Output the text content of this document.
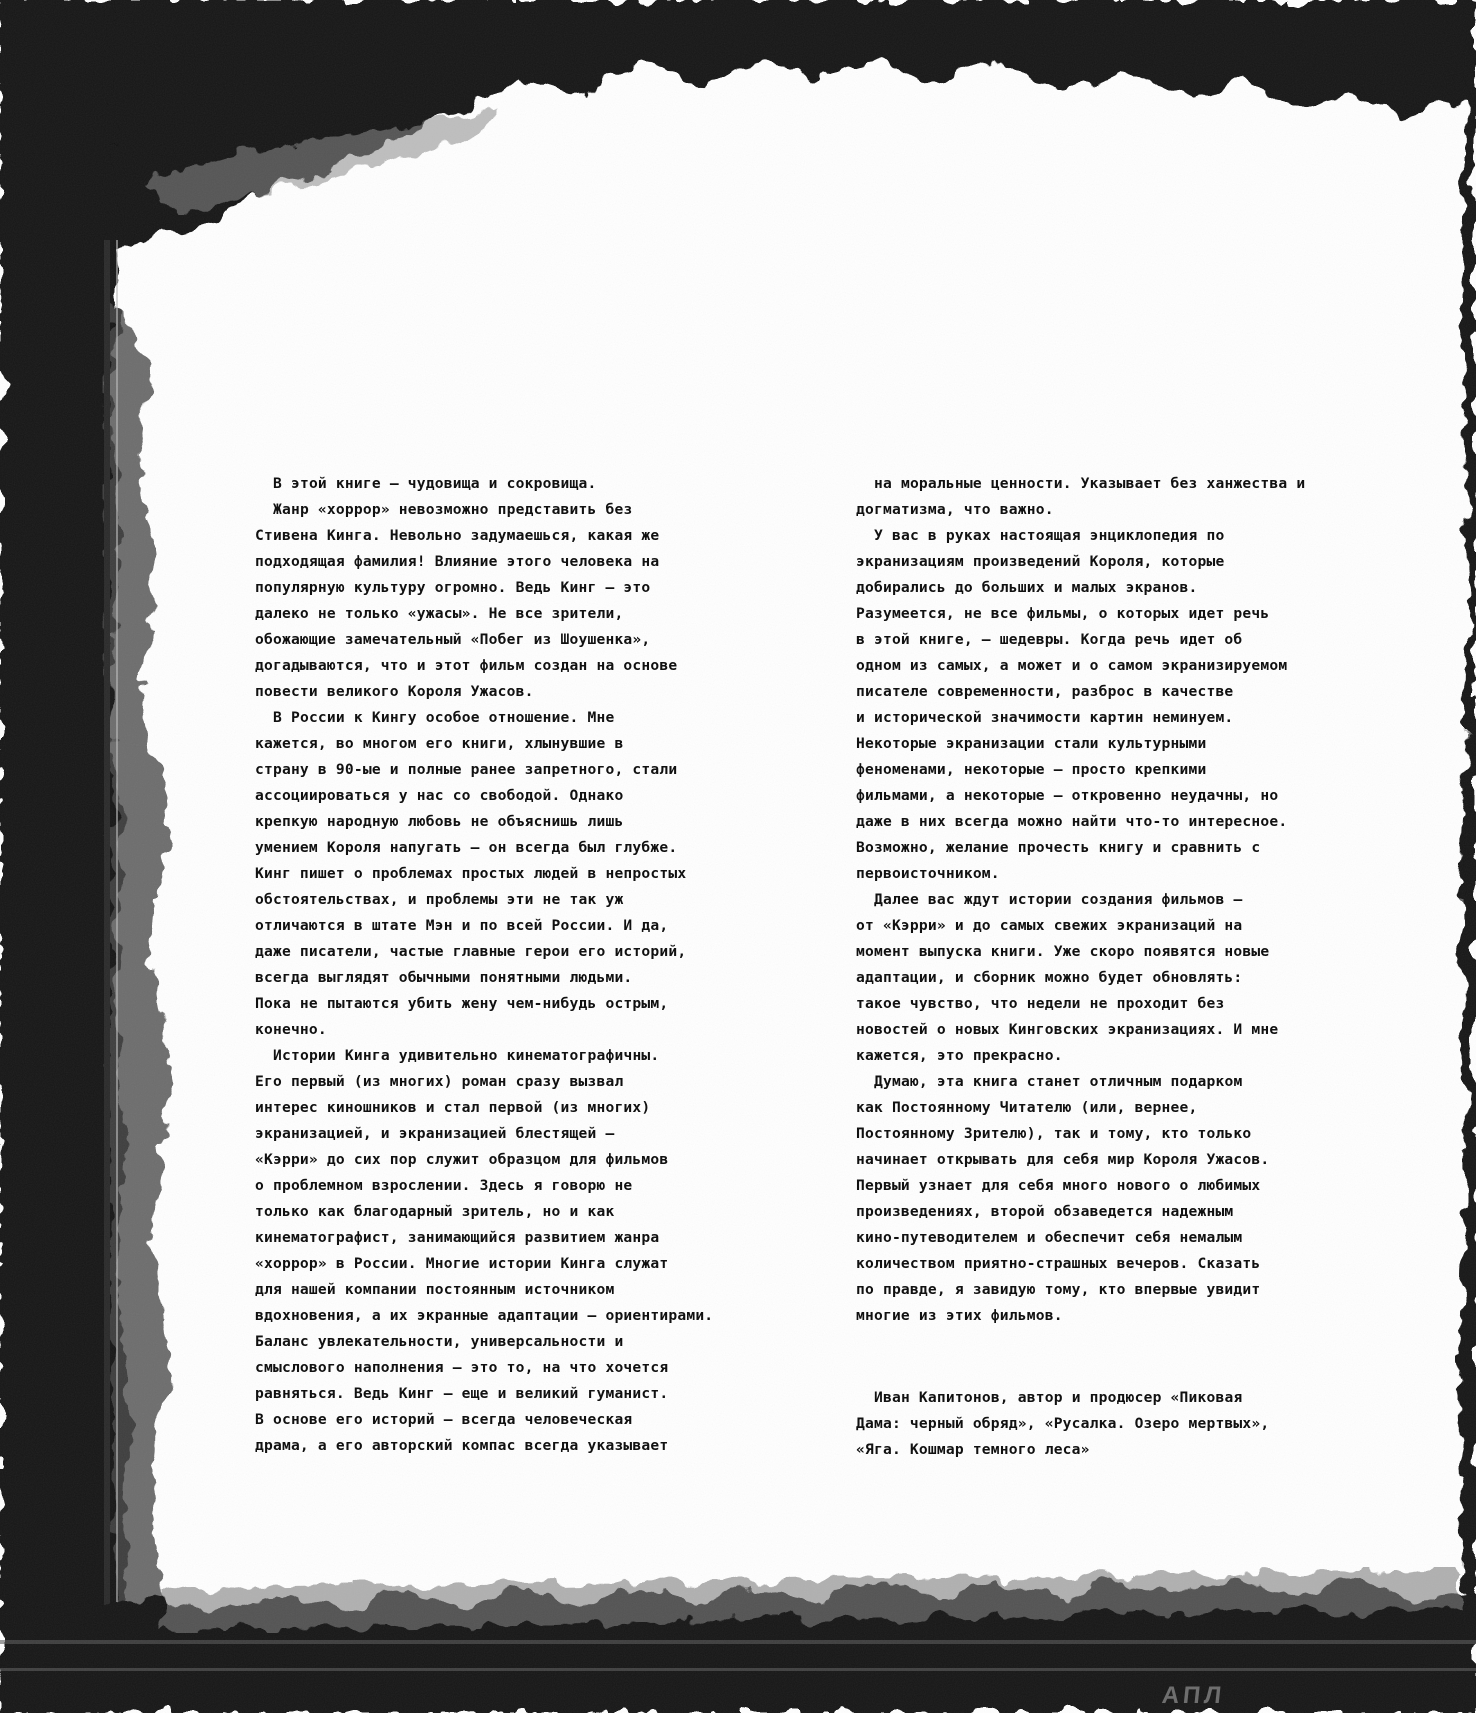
В этой книге – чудовища и сокровища.
Жанр «хоррор» невозможно представить без
Стивена Кинга. Невольно задумаешься, какая же
подходящая фамилия! Влияние этого человека на
популярную культуру огромно. Ведь Кинг – это
далеко не только «ужасы». Не все зрители,
обожающие замечательный «Побег из Шоушенка»,
догадываются, что и этот фильм создан на основе
повести великого Короля Ужасов.
В России к Кингу особое отношение. Мне
кажется, во многом его книги, хлынувшие в
страну в 90-ые и полные ранее запретного, стали
ассоциироваться у нас со свободой. Однако
крепкую народную любовь не объяснишь лишь
умением Короля напугать – он всегда был глубже.
Кинг пишет о проблемах простых людей в непростых
обстоятельствах, и проблемы эти не так уж
отличаются в штате Мэн и по всей России. И да,
даже писатели, частые главные герои его историй,
всегда выглядят обычными понятными людьми.
Пока не пытаются убить жену чем-нибудь острым,
конечно.
Истории Кинга удивительно кинематографичны.
Его первый (из многих) роман сразу вызвал
интерес киношников и стал первой (из многих)
экранизацией, и экранизацией блестящей –
«Кэрри» до сих пор служит образцом для фильмов
о проблемном взрослении. Здесь я говорю не
только как благодарный зритель, но и как
кинематографист, занимающийся развитием жанра
«хоррор» в России. Многие истории Кинга служат
для нашей компании постоянным источником
вдохновения, а их экранные адаптации – ориентирами.
Баланс увлекательности, универсальности и
смыслового наполнения – это то, на что хочется
равняться. Ведь Кинг – еще и великий гуманист.
В основе его историй – всегда человеческая
драма, а его авторский компас всегда указывает
на моральные ценности. Указывает без ханжества и
догматизма, что важно.
У вас в руках настоящая энциклопедия по
экранизациям произведений Короля, которые
добирались до больших и малых экранов.
Разумеется, не все фильмы, о которых идет речь
в этой книге, – шедевры. Когда речь идет об
одном из самых, а может и о самом экранизируемом
писателе современности, разброс в качестве
и исторической значимости картин неминуем.
Некоторые экранизации стали культурными
феноменами, некоторые – просто крепкими
фильмами, а некоторые – откровенно неудачны, но
даже в них всегда можно найти что-то интересное.
Возможно, желание прочесть книгу и сравнить с
первоисточником.
Далее вас ждут истории создания фильмов –
от «Кэрри» и до самых свежих экранизаций на
момент выпуска книги. Уже скоро появятся новые
адаптации, и сборник можно будет обновлять:
такое чувство, что недели не проходит без
новостей о новых Кинговских экранизациях. И мне
кажется, это прекрасно.
Думаю, эта книга станет отличным подарком
как Постоянному Читателю (или, вернее,
Постоянному Зрителю), так и тому, кто только
начинает открывать для себя мир Короля Ужасов.
Первый узнает для себя много нового о любимых
произведениях, второй обзаведется надежным
кино-путеводителем и обеспечит себя немалым
количеством приятно-страшных вечеров. Сказать
по правде, я завидую тому, кто впервые увидит
многие из этих фильмов.
Иван Капитонов, автор и продюсер «Пиковая
Дама: черный обряд», «Русалка. Озеро мертвых»,
«Яга. Кошмар темного леса»
АПЛ
